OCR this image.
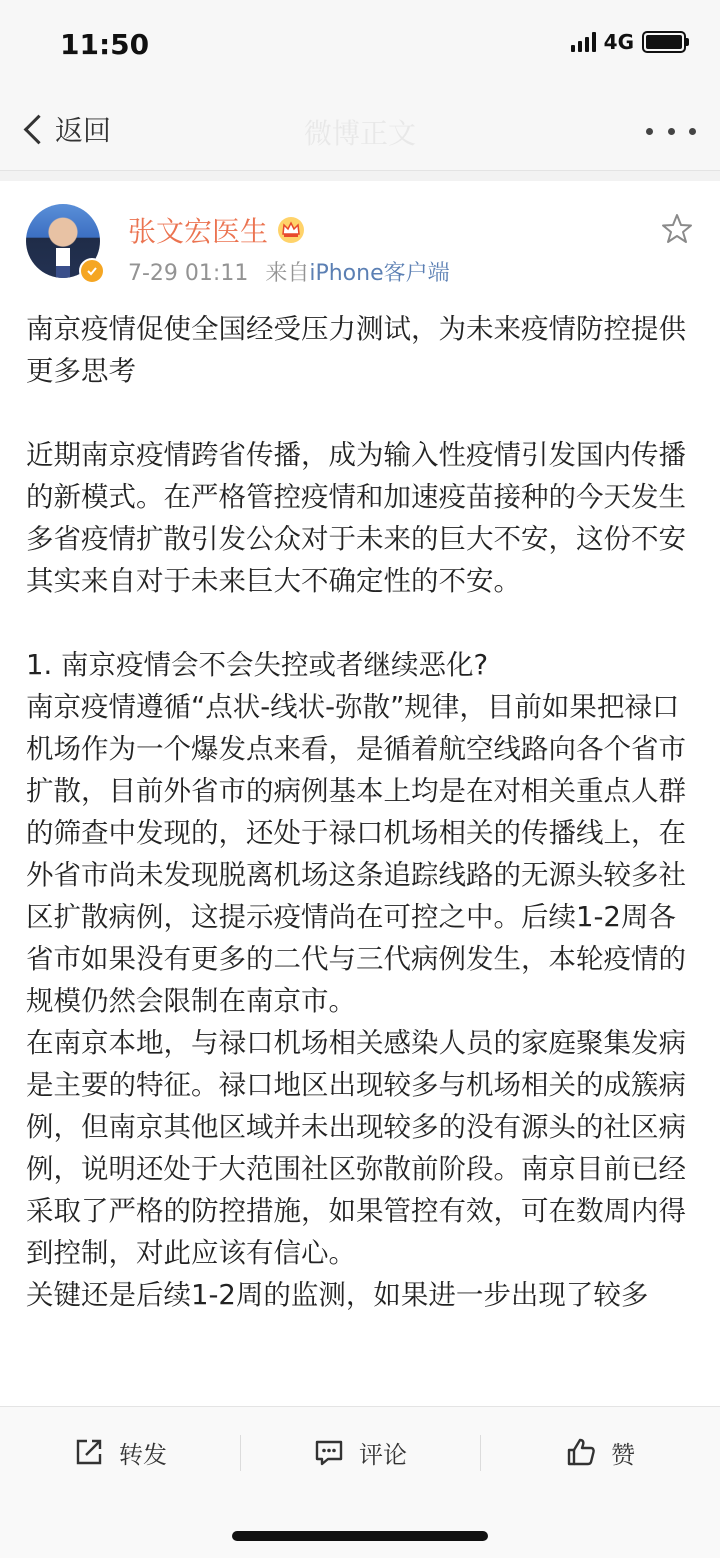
11:50	4G
返回	微博正文
张文宏医生
7-29 01:11 来自iPhone客户端

南京疫情促使全国经受压力测试，为未来疫情防控提供更多思考

近期南京疫情跨省传播，成为输入性疫情引发国内传播的新模式。在严格管控疫情和加速疫苗接种的今天发生多省疫情扩散引发公众对于未来的巨大不安，这份不安其实来自对于未来巨大不确定性的不安。

1. 南京疫情会不会失控或者继续恶化?

南京疫情遵循“点状-线状-弥散”规律，目前如果把禄口机场作为一个爆发点来看，是循着航空线路向各个省市扩散，目前外省市的病例基本上均是在对相关重点人群的筛查中发现的，还处于禄口机场相关的传播线上，在外省市尚未发现脱离机场这条追踪线路的无源头较多社区扩散病例，这提示疫情尚在可控之中。后续1-2周各省市如果没有更多的二代与三代病例发生，本轮疫情的规模仍然会限制在南京市。

在南京本地，与禄口机场相关感染人员的家庭聚集发病是主要的特征。禄口地区出现较多与机场相关的成簇病例，但南京其他区域并未出现较多的没有源头的社区病例，说明还处于大范围社区弥散前阶段。南京目前已经采取了严格的防控措施，如果管控有效，可在数周内得到控制，对此应该有信心。

关键还是后续1-2周的监测，如果进一步出现了较多

转发	评论	赞
